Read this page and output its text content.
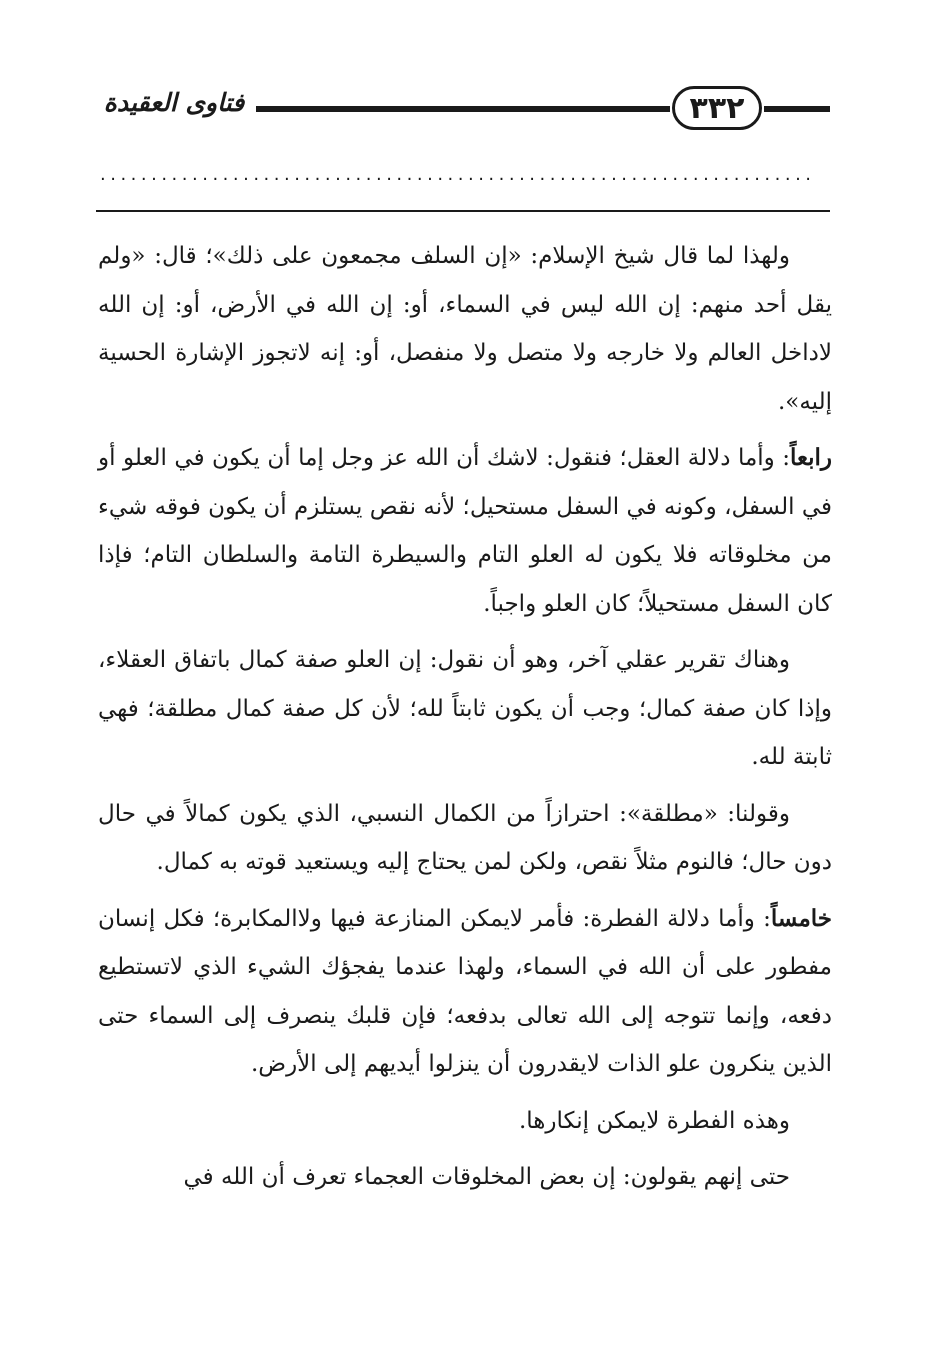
فتاوى العقيدة	٣٣٢
......................................................................

ولهذا لما قال شيخ الإسلام: «إن السلف مجمعون على ذلك»؛ قال: «ولم يقل أحد منهم: إن الله ليس في السماء، أو: إن الله في الأرض، أو: إن الله لاداخل العالم ولا خارجه ولا متصل ولا منفصل، أو: إنه لاتجوز الإشارة الحسية إليه».

رابعاً: وأما دلالة العقل؛ فنقول: لاشك أن الله عز وجل إما أن يكون في العلو أو في السفل، وكونه في السفل مستحيل؛ لأنه نقص يستلزم أن يكون فوقه شيء من مخلوقاته فلا يكون له العلو التام والسيطرة التامة والسلطان التام؛ فإذا كان السفل مستحيلاً؛ كان العلو واجباً.

وهناك تقرير عقلي آخر، وهو أن نقول: إن العلو صفة كمال باتفاق العقلاء، وإذا كان صفة كمال؛ وجب أن يكون ثابتاً لله؛ لأن كل صفة كمال مطلقة؛ فهي ثابتة لله.

وقولنا: «مطلقة»: احترازاً من الكمال النسبي، الذي يكون كمالاً في حال دون حال؛ فالنوم مثلاً نقص، ولكن لمن يحتاج إليه ويستعيد قوته به كمال.

خامساً: وأما دلالة الفطرة: فأمر لايمكن المنازعة فيها ولاالمكابرة؛ فكل إنسان مفطور على أن الله في السماء، ولهذا عندما يفجؤك الشيء الذي لاتستطيع دفعه، وإنما تتوجه إلى الله تعالى بدفعه؛ فإن قلبك ينصرف إلى السماء حتى الذين ينكرون علو الذات لايقدرون أن ينزلوا أيديهم إلى الأرض.

وهذه الفطرة لايمكن إنكارها.

حتى إنهم يقولون: إن بعض المخلوقات العجماء تعرف أن الله في
